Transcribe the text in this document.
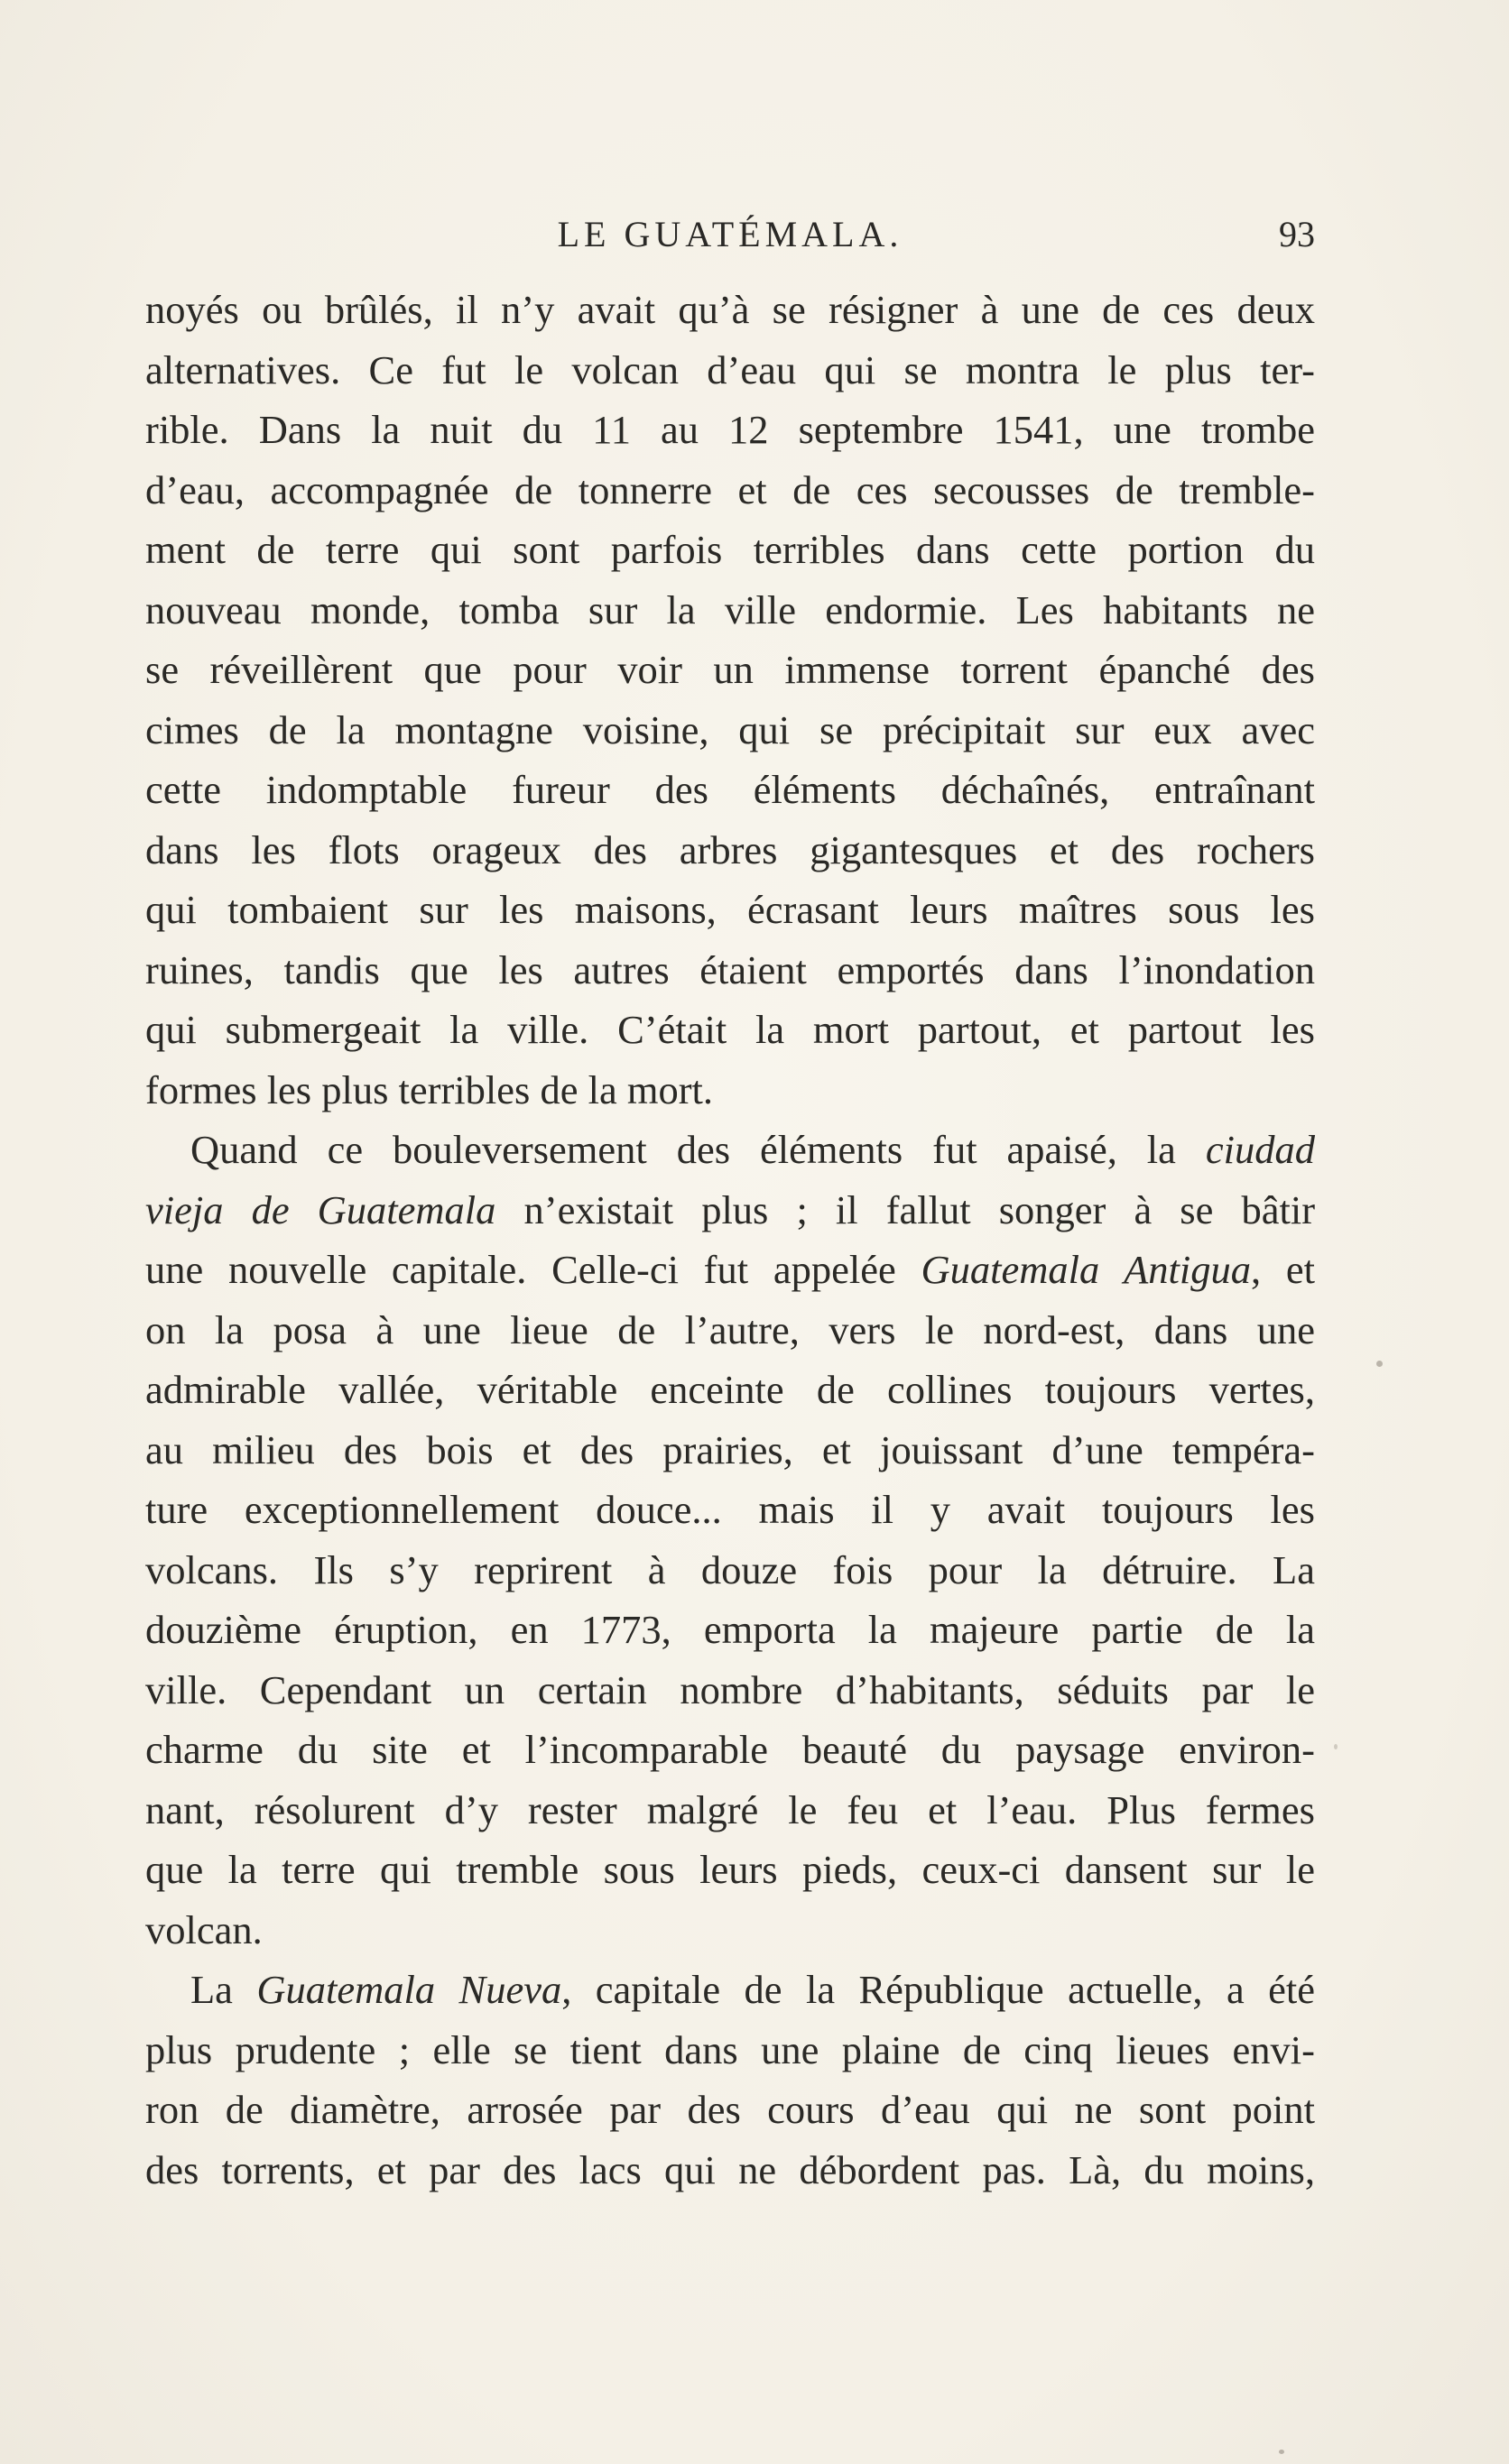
LE GUATÉMALA.	93
noyés ou brûlés, il n’y avait qu’à se résigner à une de ces deux
alternatives. Ce fut le volcan d’eau qui se montra le plus ter-
rible. Dans la nuit du 11 au 12 septembre 1541, une trombe
d’eau, accompagnée de tonnerre et de ces secousses de tremble-
ment de terre qui sont parfois terribles dans cette portion du
nouveau monde, tomba sur la ville endormie. Les habitants ne
se réveillèrent que pour voir un immense torrent épanché des
cimes de la montagne voisine, qui se précipitait sur eux avec
cette indomptable fureur des éléments déchaînés, entraînant
dans les flots orageux des arbres gigantesques et des rochers
qui tombaient sur les maisons, écrasant leurs maîtres sous les
ruines, tandis que les autres étaient emportés dans l’inondation
qui submergeait la ville. C’était la mort partout, et partout les
formes les plus terribles de la mort.
Quand ce bouleversement des éléments fut apaisé, la ciudad
vieja de Guatemala n’existait plus ; il fallut songer à se bâtir
une nouvelle capitale. Celle-ci fut appelée Guatemala Antigua, et
on la posa à une lieue de l’autre, vers le nord-est, dans une
admirable vallée, véritable enceinte de collines toujours vertes,
au milieu des bois et des prairies, et jouissant d’une tempéra-
ture exceptionnellement douce... mais il y avait toujours les
volcans. Ils s’y reprirent à douze fois pour la détruire. La
douzième éruption, en 1773, emporta la majeure partie de la
ville. Cependant un certain nombre d’habitants, séduits par le
charme du site et l’incomparable beauté du paysage environ-
nant, résolurent d’y rester malgré le feu et l’eau. Plus fermes
que la terre qui tremble sous leurs pieds, ceux-ci dansent sur le
volcan.
La Guatemala Nueva, capitale de la République actuelle, a été
plus prudente ; elle se tient dans une plaine de cinq lieues envi-
ron de diamètre, arrosée par des cours d’eau qui ne sont point
des torrents, et par des lacs qui ne débordent pas. Là, du moins,
